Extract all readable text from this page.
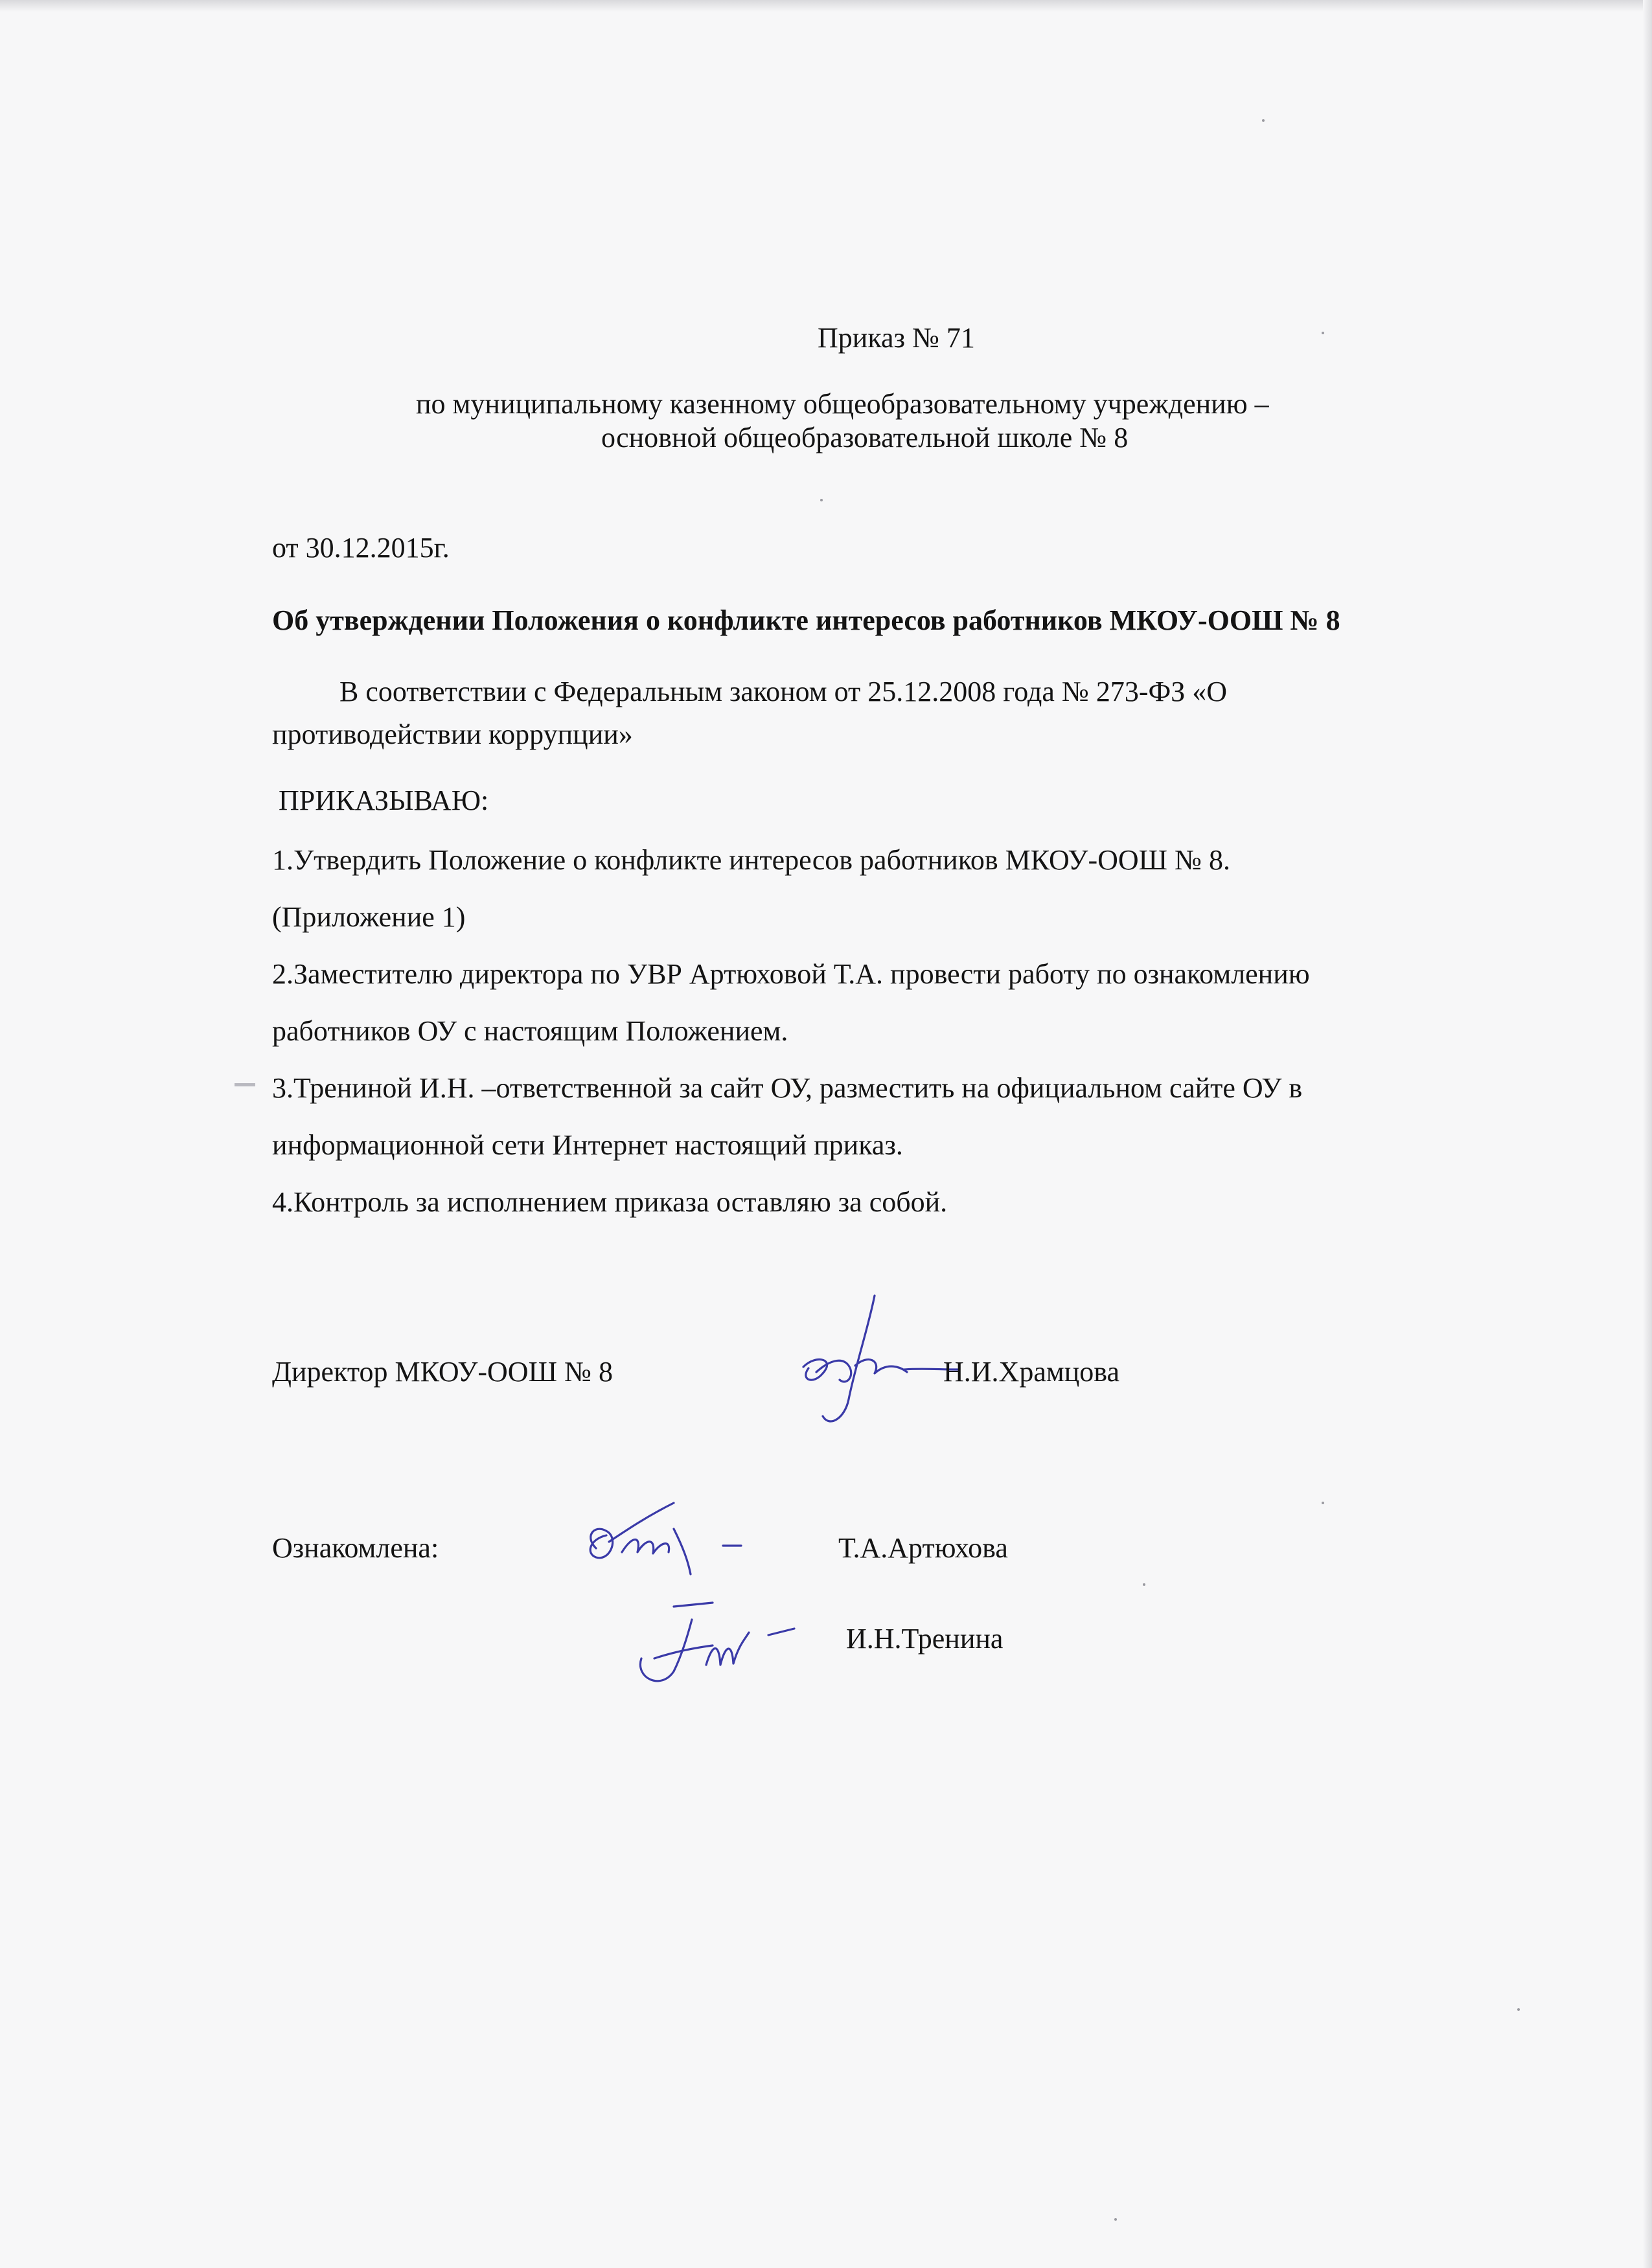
Приказ № 71
по муниципальному казенному общеобразовательному учреждению –
основной общеобразовательной школе № 8
от 30.12.2015г.
Об утверждении Положения о конфликте интересов работников МКОУ-ООШ № 8
В соответствии с Федеральным законом от 25.12.2008 года № 273-ФЗ «О
противодействии коррупции»
ПРИКАЗЫВАЮ:
1.Утвердить Положение о конфликте интересов работников МКОУ-ООШ № 8.
(Приложение 1)
2.Заместителю директора по УВР Артюховой Т.А. провести работу по ознакомлению
работников ОУ с настоящим Положением.
3.Трениной И.Н. –ответственной за сайт ОУ, разместить на официальном сайте ОУ в
информационной сети Интернет настоящий приказ.
4.Контроль за исполнением приказа оставляю за собой.
Директор МКОУ-ООШ № 8	Н.И.Храмцова
Ознакомлена:	Т.А.Артюхова
И.Н.Тренина
